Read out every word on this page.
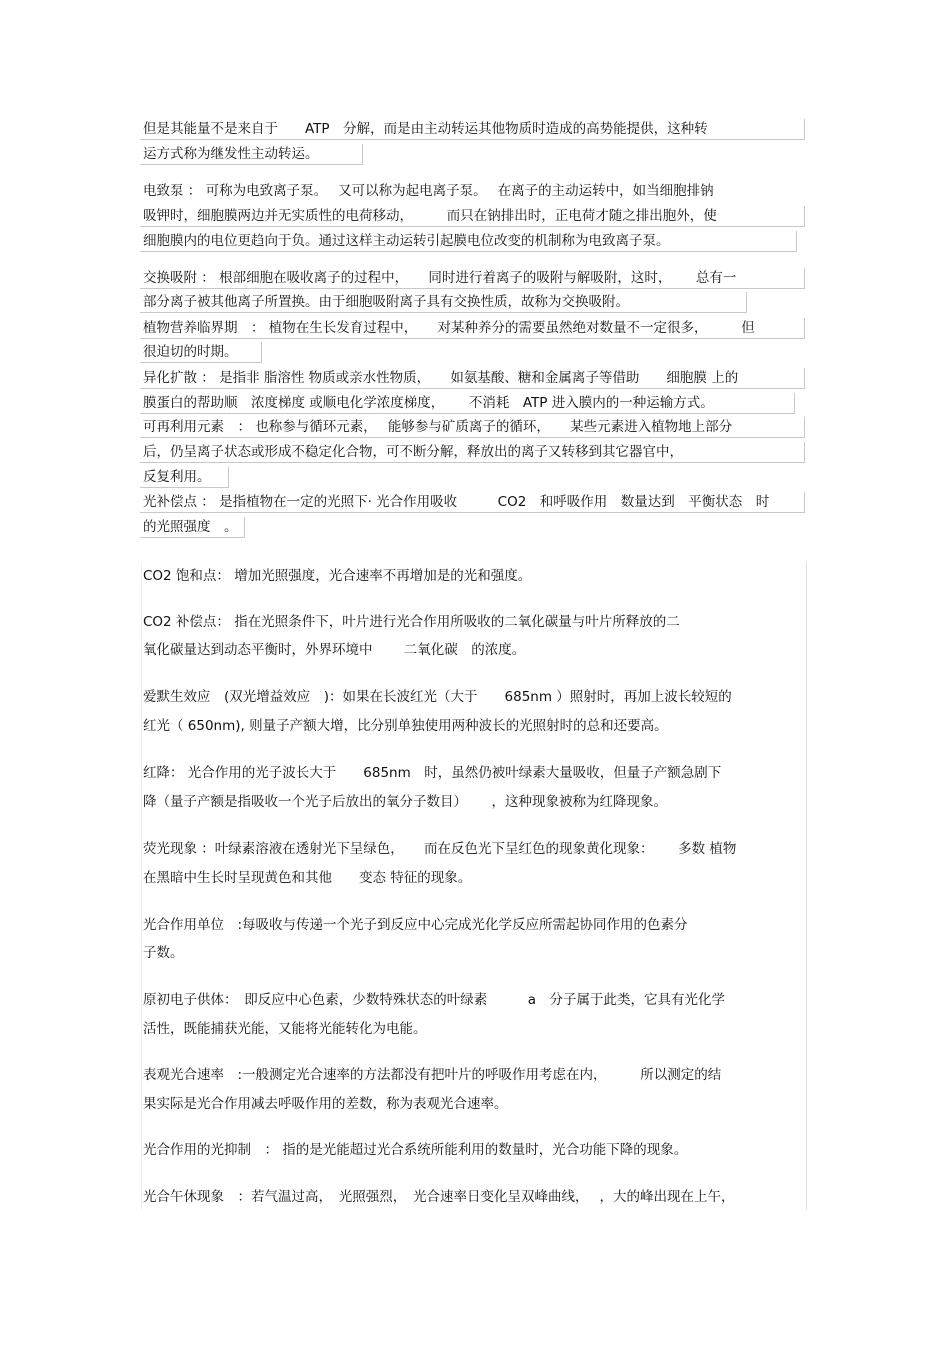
但是其能量不是来自于　　ATP　分解，而是由主动转运其他物质时造成的高势能提供，这种转
运方式称为继发性主动转运。
电致泵 ： 可称为电致离子泵。　 又可以称为起电离子泵。　 在离子的主动运转中，如当细胞排钠
吸钾时，细胞膜两边并无实质性的电荷移动，　　　而只在钠排出时，正电荷才随之排出胞外，使
细胞膜内的电位更趋向于负。通过这样主动运转引起膜电位改变的机制称为电致离子泵。
交换吸附 ： 根部细胞在吸收离子的过程中，　　同时进行着离子的吸附与解吸附，这时，　　 总有一
部分离子被其他离子所置换。由于细胞吸附离子具有交换性质，故称为交换吸附。
植物营养临界期　： 植物在生长发育过程中，　　对某种养分的需要虽然绝对数量不一定很多，　　　但
很迫切的时期。
异化扩散 ： 是指非 脂溶性 物质或亲水性物质，　　如氨基酸、糖和金属离子等借助　　细胞膜 上的
膜蛋白的帮助顺　浓度梯度 或顺电化学浓度梯度，　　 不消耗　ATP 进入膜内的一种运输方式。
可再利用元素　： 也称参与循环元素，　 能够参与矿质离子的循环，　　某些元素进入植物地上部分
后，仍呈离子状态或形成不稳定化合物，可不断分解，释放出的离子又转移到其它器官中，
反复利用。
光补偿点 ： 是指植物在一定的光照下· 光合作用吸收　　　CO2　和呼吸作用　数量达到　平衡状态　时
的光照强度　。
CO2 饱和点： 增加光照强度，光合速率不再增加是的光和强度。
CO2 补偿点： 指在光照条件下，叶片进行光合作用所吸收的二氧化碳量与叶片所释放的二
氧化碳量达到动态平衡时，外界环境中　　 二氧化碳　的浓度。
爱默生效应　(双光增益效应　)：如果在长波红光（大于　　685nm ）照射时，再加上波长较短的
红光（ 650nm), 则量子产额大增，比分别单独使用两种波长的光照射时的总和还要高。
红降： 光合作用的光子波长大于　　685nm　时，虽然仍被叶绿素大量吸收，但量子产额急剧下
降（量子产额是指吸收一个光子后放出的氧分子数目）　　 ，这种现象被称为红降现象。
荧光现象 ：叶绿素溶液在透射光下呈绿色，　　而在反色光下呈红色的现象黄化现象：　　 多数 植物
在黑暗中生长时呈现黄色和其他　　变态 特征的现象。
光合作用单位　:每吸收与传递一个光子到反应中心完成光化学反应所需起协同作用的色素分
子数。
原初电子供体：　即反应中心色素，少数特殊状态的叶绿素　　　a　分子属于此类，它具有光化学
活性，既能捕获光能，又能将光能转化为电能。
表观光合速率　:一般测定光合速率的方法都没有把叶片的呼吸作用考虑在内，　　　所以测定的结
果实际是光合作用减去呼吸作用的差数，称为表观光合速率。
光合作用的光抑制　： 指的是光能超过光合系统所能利用的数量时，光合功能下降的现象。
光合午休现象　：若气温过高，　光照强烈，　光合速率日变化呈双峰曲线，　 ，大的峰出现在上午，
